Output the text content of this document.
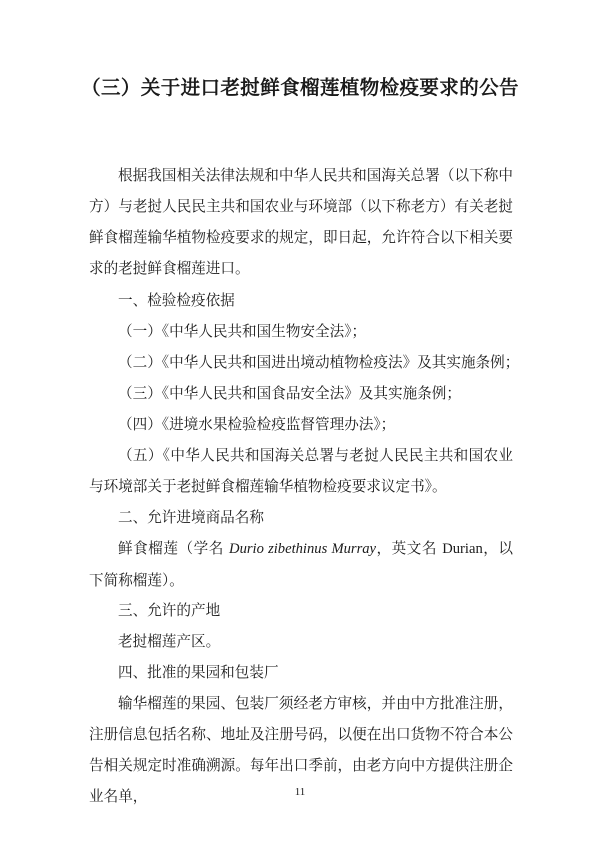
（三）关于进口老挝鲜食榴莲植物检疫要求的公告

根据我国相关法律法规和中华人民共和国海关总署（以下称中方）与老挝人民民主共和国农业与环境部（以下称老方）有关老挝鲜食榴莲输华植物检疫要求的规定，即日起，允许符合以下相关要求的老挝鲜食榴莲进口。

一、检验检疫依据
（一）《中华人民共和国生物安全法》；
（二）《中华人民共和国进出境动植物检疫法》及其实施条例；
（三）《中华人民共和国食品安全法》及其实施条例；
（四）《进境水果检验检疫监督管理办法》；

（五）《中华人民共和国海关总署与老挝人民民主共和国农业与环境部关于老挝鲜食榴莲输华植物检疫要求议定书》。

二、允许进境商品名称

鲜食榴莲（学名 Durio zibethinus Murray，英文名 Durian，以下简称榴莲）。

三、允许的产地
老挝榴莲产区。
四、批准的果园和包装厂

输华榴莲的果园、包装厂须经老方审核，并由中方批准注册，注册信息包括名称、地址及注册号码，以便在出口货物不符合本公告相关规定时准确溯源。每年出口季前，由老方向中方提供注册企业名单，	11
